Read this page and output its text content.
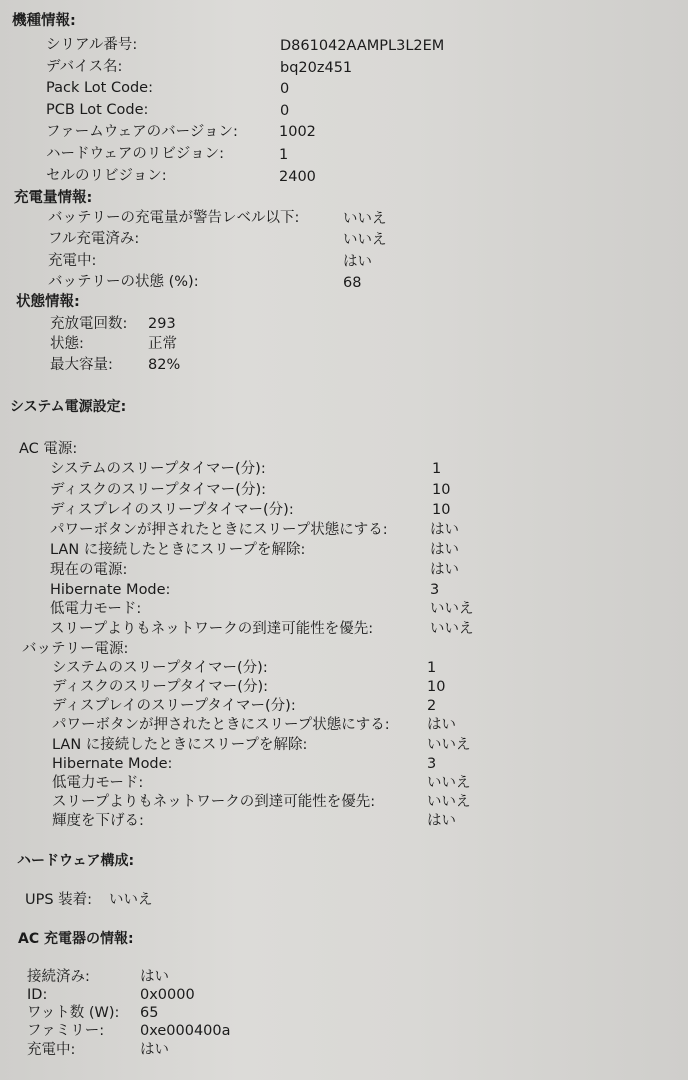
機種情報:
シリアル番号:	D861042AAMPL3L2EM
デバイス名:	bq20z451
Pack Lot Code:	0
PCB Lot Code:	0
ファームウェアのバージョン:	1002
ハードウェアのリビジョン:	1
セルのリビジョン:	2400
充電量情報:
バッテリーの充電量が警告レベル以下:	いいえ
フル充電済み:	いいえ
充電中:	はい
バッテリーの状態 (%):	68
状態情報:
充放電回数: 293
状態:	正常
最大容量: 82%
システム電源設定:
AC 電源:
システムのスリープタイマー(分):	1
ディスクのスリープタイマー(分):	10
ディスプレイのスリープタイマー(分):	10
パワーボタンが押されたときにスリープ状態にする:	はい
LAN に接続したときにスリープを解除:	はい
現在の電源:	はい
Hibernate Mode:	3
低電力モード:	いいえ
スリープよりもネットワークの到達可能性を優先:	いいえ
バッテリー電源:
システムのスリープタイマー(分):	1
ディスクのスリープタイマー(分):	10
ディスプレイのスリープタイマー(分):	2
パワーボタンが押されたときにスリープ状態にする:	はい
LAN に接続したときにスリープを解除:	いいえ
Hibernate Mode:	3
低電力モード:	いいえ
スリープよりもネットワークの到達可能性を優先:	いいえ
輝度を下げる:	はい
ハードウェア構成:
UPS 装着: いいえ
AC 充電器の情報:
接続済み:	はい
ID:	0x0000
ワット数 (W): 65
ファミリー: 0xe000400a
充電中:	はい
